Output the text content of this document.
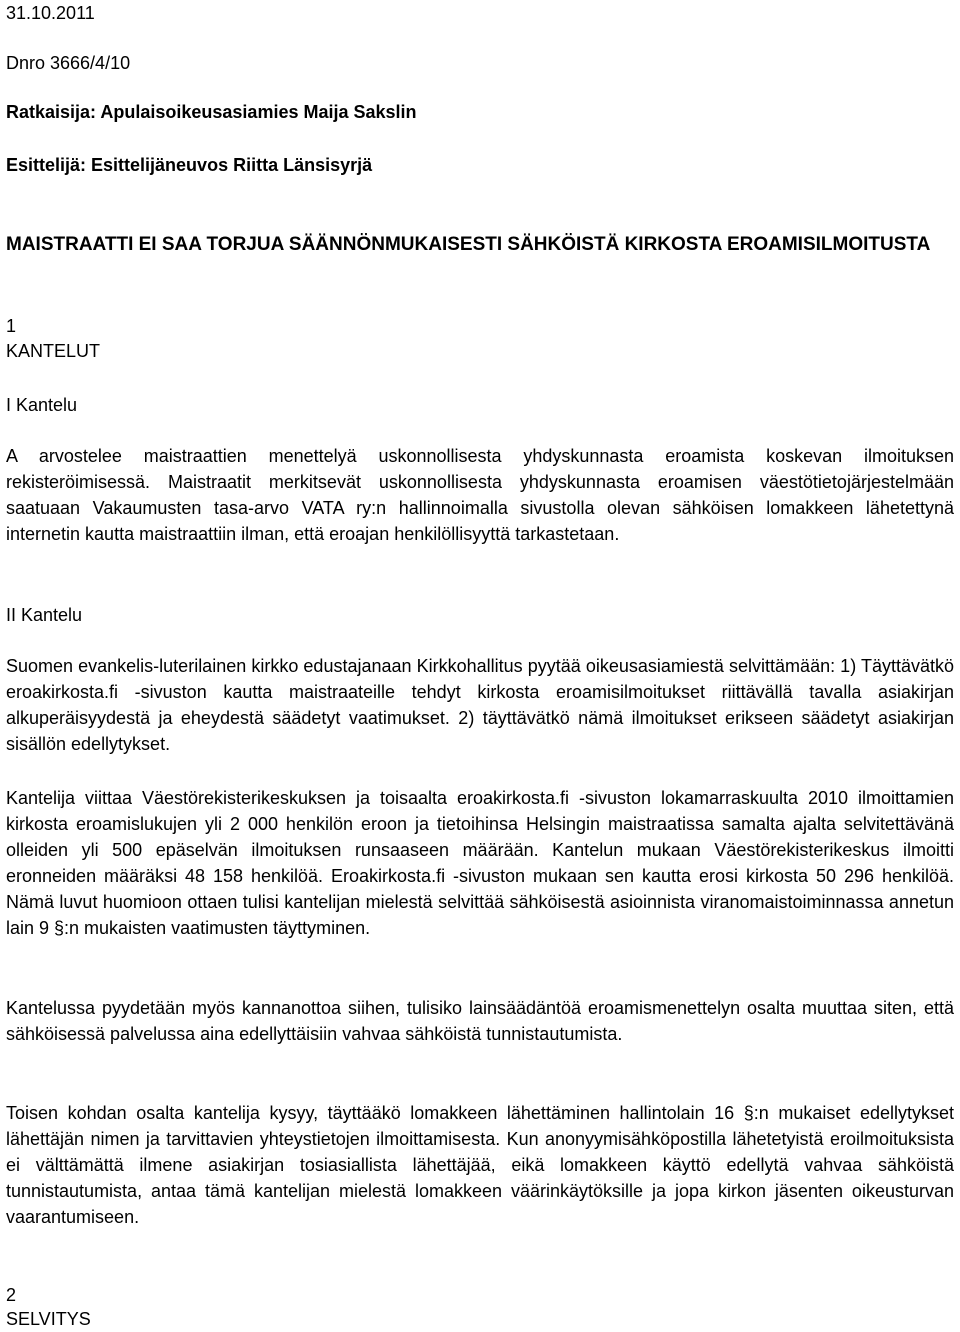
31.10.2011

Dnro 3666/4/10

Ratkaisija: Apulaisoikeusasiamies Maija Sakslin

Esittelijä: Esittelijäneuvos Riitta Länsisyrjä

MAISTRAATTI EI SAA TORJUA SÄÄNNÖNMUKAISESTI SÄHKÖISTÄ KIRKOSTA EROAMISILMOITUSTA

1

KANTELUT

I Kantelu

A arvostelee maistraattien menettelyä uskonnollisesta yhdyskunnasta eroamista koskevan ilmoituksen rekisteröimisessä. Maistraatit merkitsevät uskonnollisesta yhdyskunnasta eroamisen väestötietojärjestelmään saatuaan Vakaumusten tasa-arvo VATA ry:n hallinnoimalla sivustolla olevan sähköisen lomakkeen lähetettynä internetin kautta maistraattiin ilman, että eroajan henkilöllisyyttä tarkastetaan.

II Kantelu

Suomen evankelis-luterilainen kirkko edustajanaan Kirkkohallitus pyytää oikeusasiamiestä selvittämään: 1) Täyttävätkö eroakirkosta.fi -sivuston kautta maistraateille tehdyt kirkosta eroamisilmoitukset riittävällä tavalla asiakirjan alkuperäisyydestä ja eheydestä säädetyt vaatimukset. 2) täyttävätkö nämä ilmoitukset erikseen säädetyt asiakirjan sisällön edellytykset.

Kantelija viittaa Väestörekisterikeskuksen ja toisaalta eroakirkosta.fi -sivuston lokamarraskuulta 2010 ilmoittamien kirkosta eroamislukujen yli 2 000 henkilön eroon ja tietoihinsa Helsingin maistraatissa samalta ajalta selvitettävänä olleiden yli 500 epäselvän ilmoituksen runsaaseen määrään. Kantelun mukaan Väestörekisterikeskus ilmoitti eronneiden määräksi 48 158 henkilöä. Eroakirkosta.fi -sivuston mukaan sen kautta erosi kirkosta 50 296 henkilöä. Nämä luvut huomioon ottaen tulisi kantelijan mielestä selvittää sähköisestä asioinnista viranomaistoiminnassa annetun lain 9 §:n mukaisten vaatimusten täyttyminen.

Kantelussa pyydetään myös kannanottoa siihen, tulisiko lainsäädäntöä eroamismenettelyn osalta muuttaa siten, että sähköisessä palvelussa aina edellyttäisiin vahvaa sähköistä tunnistautumista.

Toisen kohdan osalta kantelija kysyy, täyttääkö lomakkeen lähettäminen hallintolain 16 §:n mukaiset edellytykset lähettäjän nimen ja tarvittavien yhteystietojen ilmoittamisesta. Kun anonyymisähköpostilla lähetetyistä eroilmoituksista ei välttämättä ilmene asiakirjan tosiasiallista lähettäjää, eikä lomakkeen käyttö edellytä vahvaa sähköistä tunnistautumista, antaa tämä kantelijan mielestä lomakkeen väärinkäytöksille ja jopa kirkon jäsenten oikeusturvan vaarantumiseen.

2

SELVITYS
